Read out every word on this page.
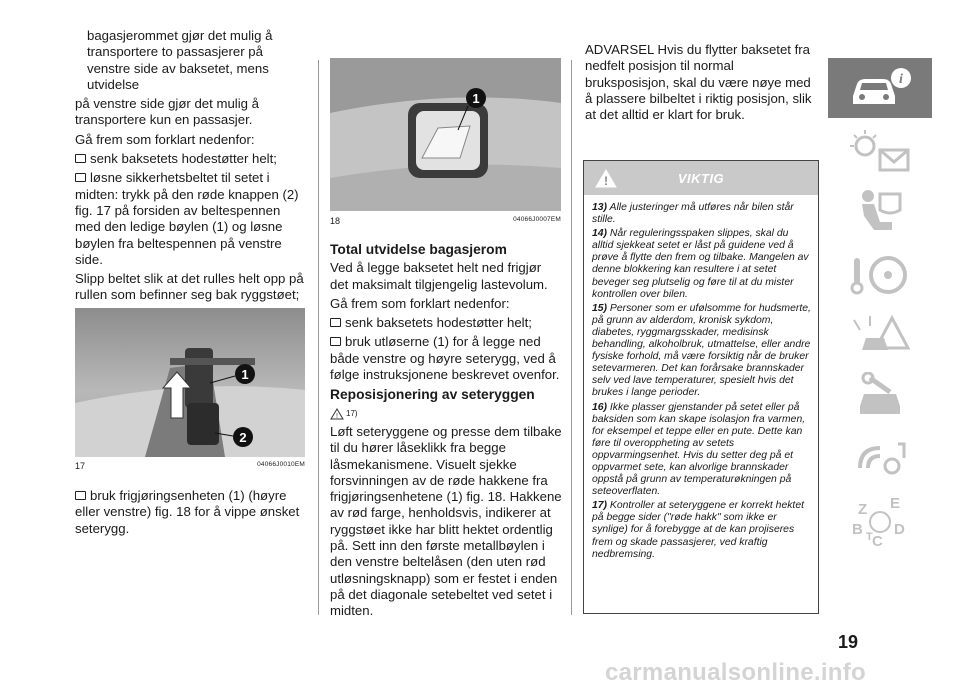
bagasjerommet gjør det mulig å transportere to passasjerer på venstre side av baksetet, mens utvidelse

på venstre side gjør det mulig å transportere kun en passasjer.

Gå frem som forklart nedenfor:

senk baksetets hodestøtter helt;

løsne sikkerhetsbeltet til setet i midten: trykk på den røde knappen (2) fig. 17 på forsiden av beltespennen med den ledige bøylen (1) og løsne bøylen fra beltespennen på venstre side.

Slipp beltet slik at det rulles helt opp på rullen som befinner seg bak ryggstøet;

1
2
17	04066J0010EM

bruk frigjøringsenheten (1) (høyre eller venstre) fig. 18 for å vippe ønsket seterygg.

1
18	04066J0007EM
Total utvidelse bagasjerom

Ved å legge baksetet helt ned frigjør det maksimalt tilgjengelig lastevolum.

Gå frem som forklart nedenfor:

senk baksetets hodestøtter helt;

bruk utløserne (1) for å legge ned både venstre og høyre seterygg, ved å følge instruksjonene beskrevet ovenfor.

Reposisjonering av seteryggen
! 17)

Løft seteryggene og presse dem tilbake til du hører låseklikk fra begge låsmekanismene. Visuelt sjekke forsvinningen av de røde hakkene fra frigjøringsenhetene (1) fig. 18. Hakkene av rød farge, henholdsvis, indikerer at ryggstøet ikke har blitt hektet ordentlig på. Sett inn den første metallbøylen i den venstre beltelåsen (den uten rød utløsningsknapp) som er festet i enden på det diagonale setebeltet ved setet i midten.

ADVARSEL Hvis du flytter baksetet fra nedfelt posisjon til normal bruksposisjon, skal du være nøye med å plassere bilbeltet i riktig posisjon, slik at det alltid er klart for bruk.

!	VIKTIG

13) Alle justeringer må utføres når bilen står stille.

14) Når reguleringsspaken slippes, skal du alltid sjekkeat setet er låst på guidene ved å prøve å flytte den frem og tilbake. Mangelen av denne blokkering kan resultere i at setet beveger seg plutselig og føre til at du mister kontrollen over bilen.

15) Personer som er ufølsomme for hudsmerte, på grunn av alderdom, kronisk sykdom, diabetes, ryggmargsskader, medisinsk behandling, alkoholbruk, utmattelse, eller andre fysiske forhold, må være forsiktig når de bruker setevarmeren. Det kan forårsake brannskader selv ved lave temperaturer, spesielt hvis det brukes i lange perioder.

16) Ikke plasser gjenstander på setet eller på baksiden som kan skape isolasjon fra varmen, for eksempel et teppe eller en pute. Dette kan føre til overoppheting av setets oppvarmingsenhet. Hvis du setter deg på et oppvarmet sete, kan alvorlige brannskader oppstå på grunn av temperaturøkningen på seteoverflaten.

17) Kontroller at seteryggene er korrekt hektet på begge sider ("røde hakk" som ikke er synlige) for å forebygge at de kan projiseres frem og skade passasjerer, ved kraftig nedbremsing.

i
Z E
B D
C
T
19
carmanualsonline.info
